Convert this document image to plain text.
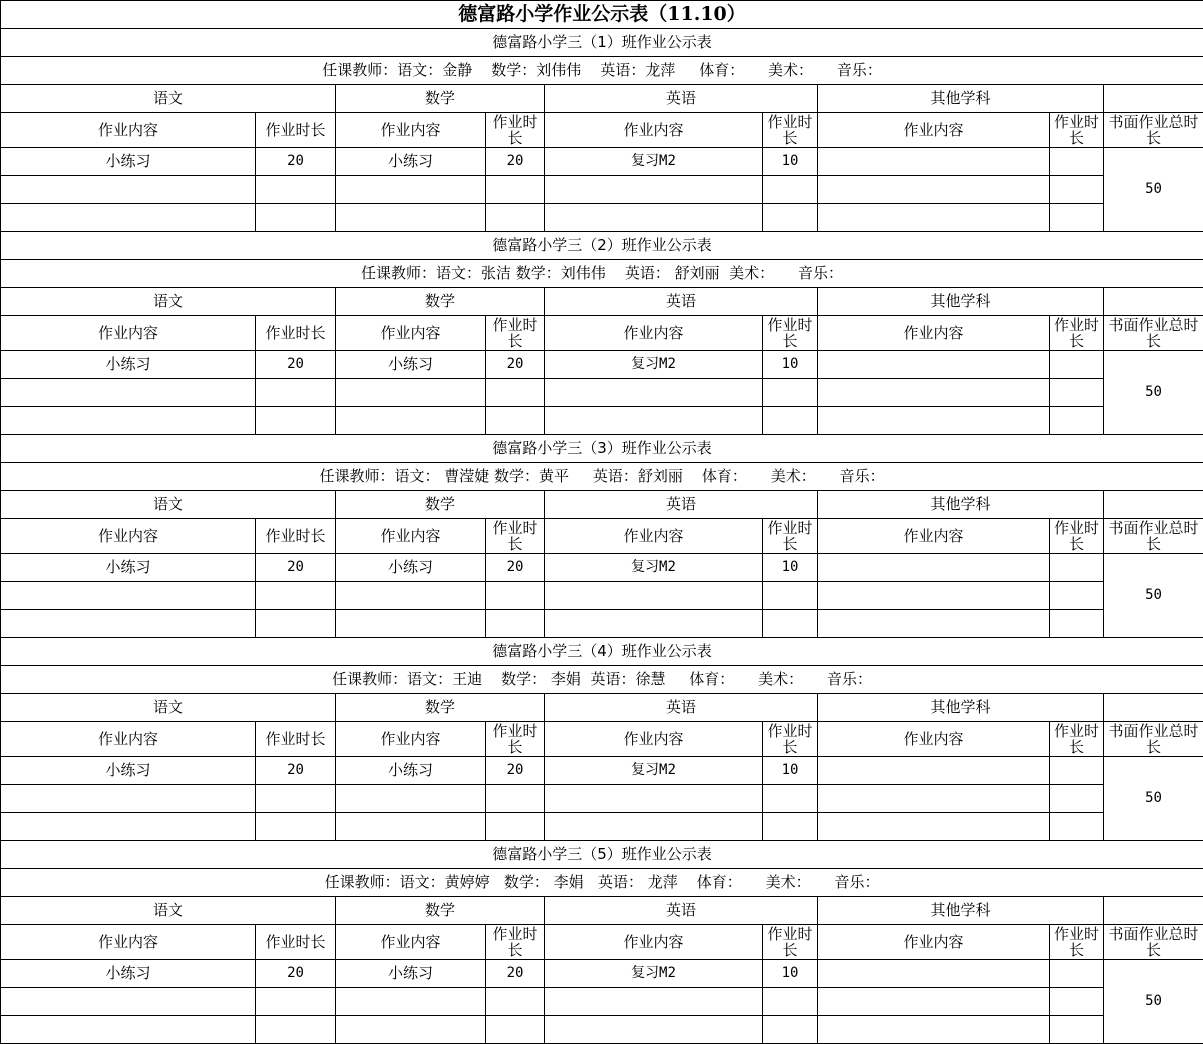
德富路小学作业公示表（11.10）								
德富路小学三（1）班作业公示表								
任课教师：语文：金静    数学：刘伟伟    英语：龙萍     体育：     美术：     音乐：								
语文		数学		英语		其他学科		
作业内容	作业时长	作业内容	作业时长	作业内容	作业时长	作业内容	作业时长	书面作业总时长
小练习	20	小练习	20	复习M2	10			50

德富路小学三（2）班作业公示表								
任课教师：语文：张洁 数学：刘伟伟    英语： 舒刘丽  美术：     音乐：								
语文		数学		英语		其他学科		
作业内容	作业时长	作业内容	作业时长	作业内容	作业时长	作业内容	作业时长	书面作业总时长
小练习	20	小练习	20	复习M2	10			50

德富路小学三（3）班作业公示表								
任课教师：语文： 曹滢婕 数学：黄平     英语：舒刘丽    体育：     美术：     音乐：								
语文		数学		英语		其他学科		
作业内容	作业时长	作业内容	作业时长	作业内容	作业时长	作业内容	作业时长	书面作业总时长
小练习	20	小练习	20	复习M2	10			50

德富路小学三（4）班作业公示表								
任课教师：语文：王迪    数学： 李娟  英语：徐慧     体育：     美术：     音乐：								
语文		数学		英语		其他学科		
作业内容	作业时长	作业内容	作业时长	作业内容	作业时长	作业内容	作业时长	书面作业总时长
小练习	20	小练习	20	复习M2	10			50

德富路小学三（5）班作业公示表								
任课教师：语文：黄婷婷   数学： 李娟   英语： 龙萍    体育：     美术：     音乐：								
语文		数学		英语		其他学科		
作业内容	作业时长	作业内容	作业时长	作业内容	作业时长	作业内容	作业时长	书面作业总时长
小练习	20	小练习	20	复习M2	10			50
